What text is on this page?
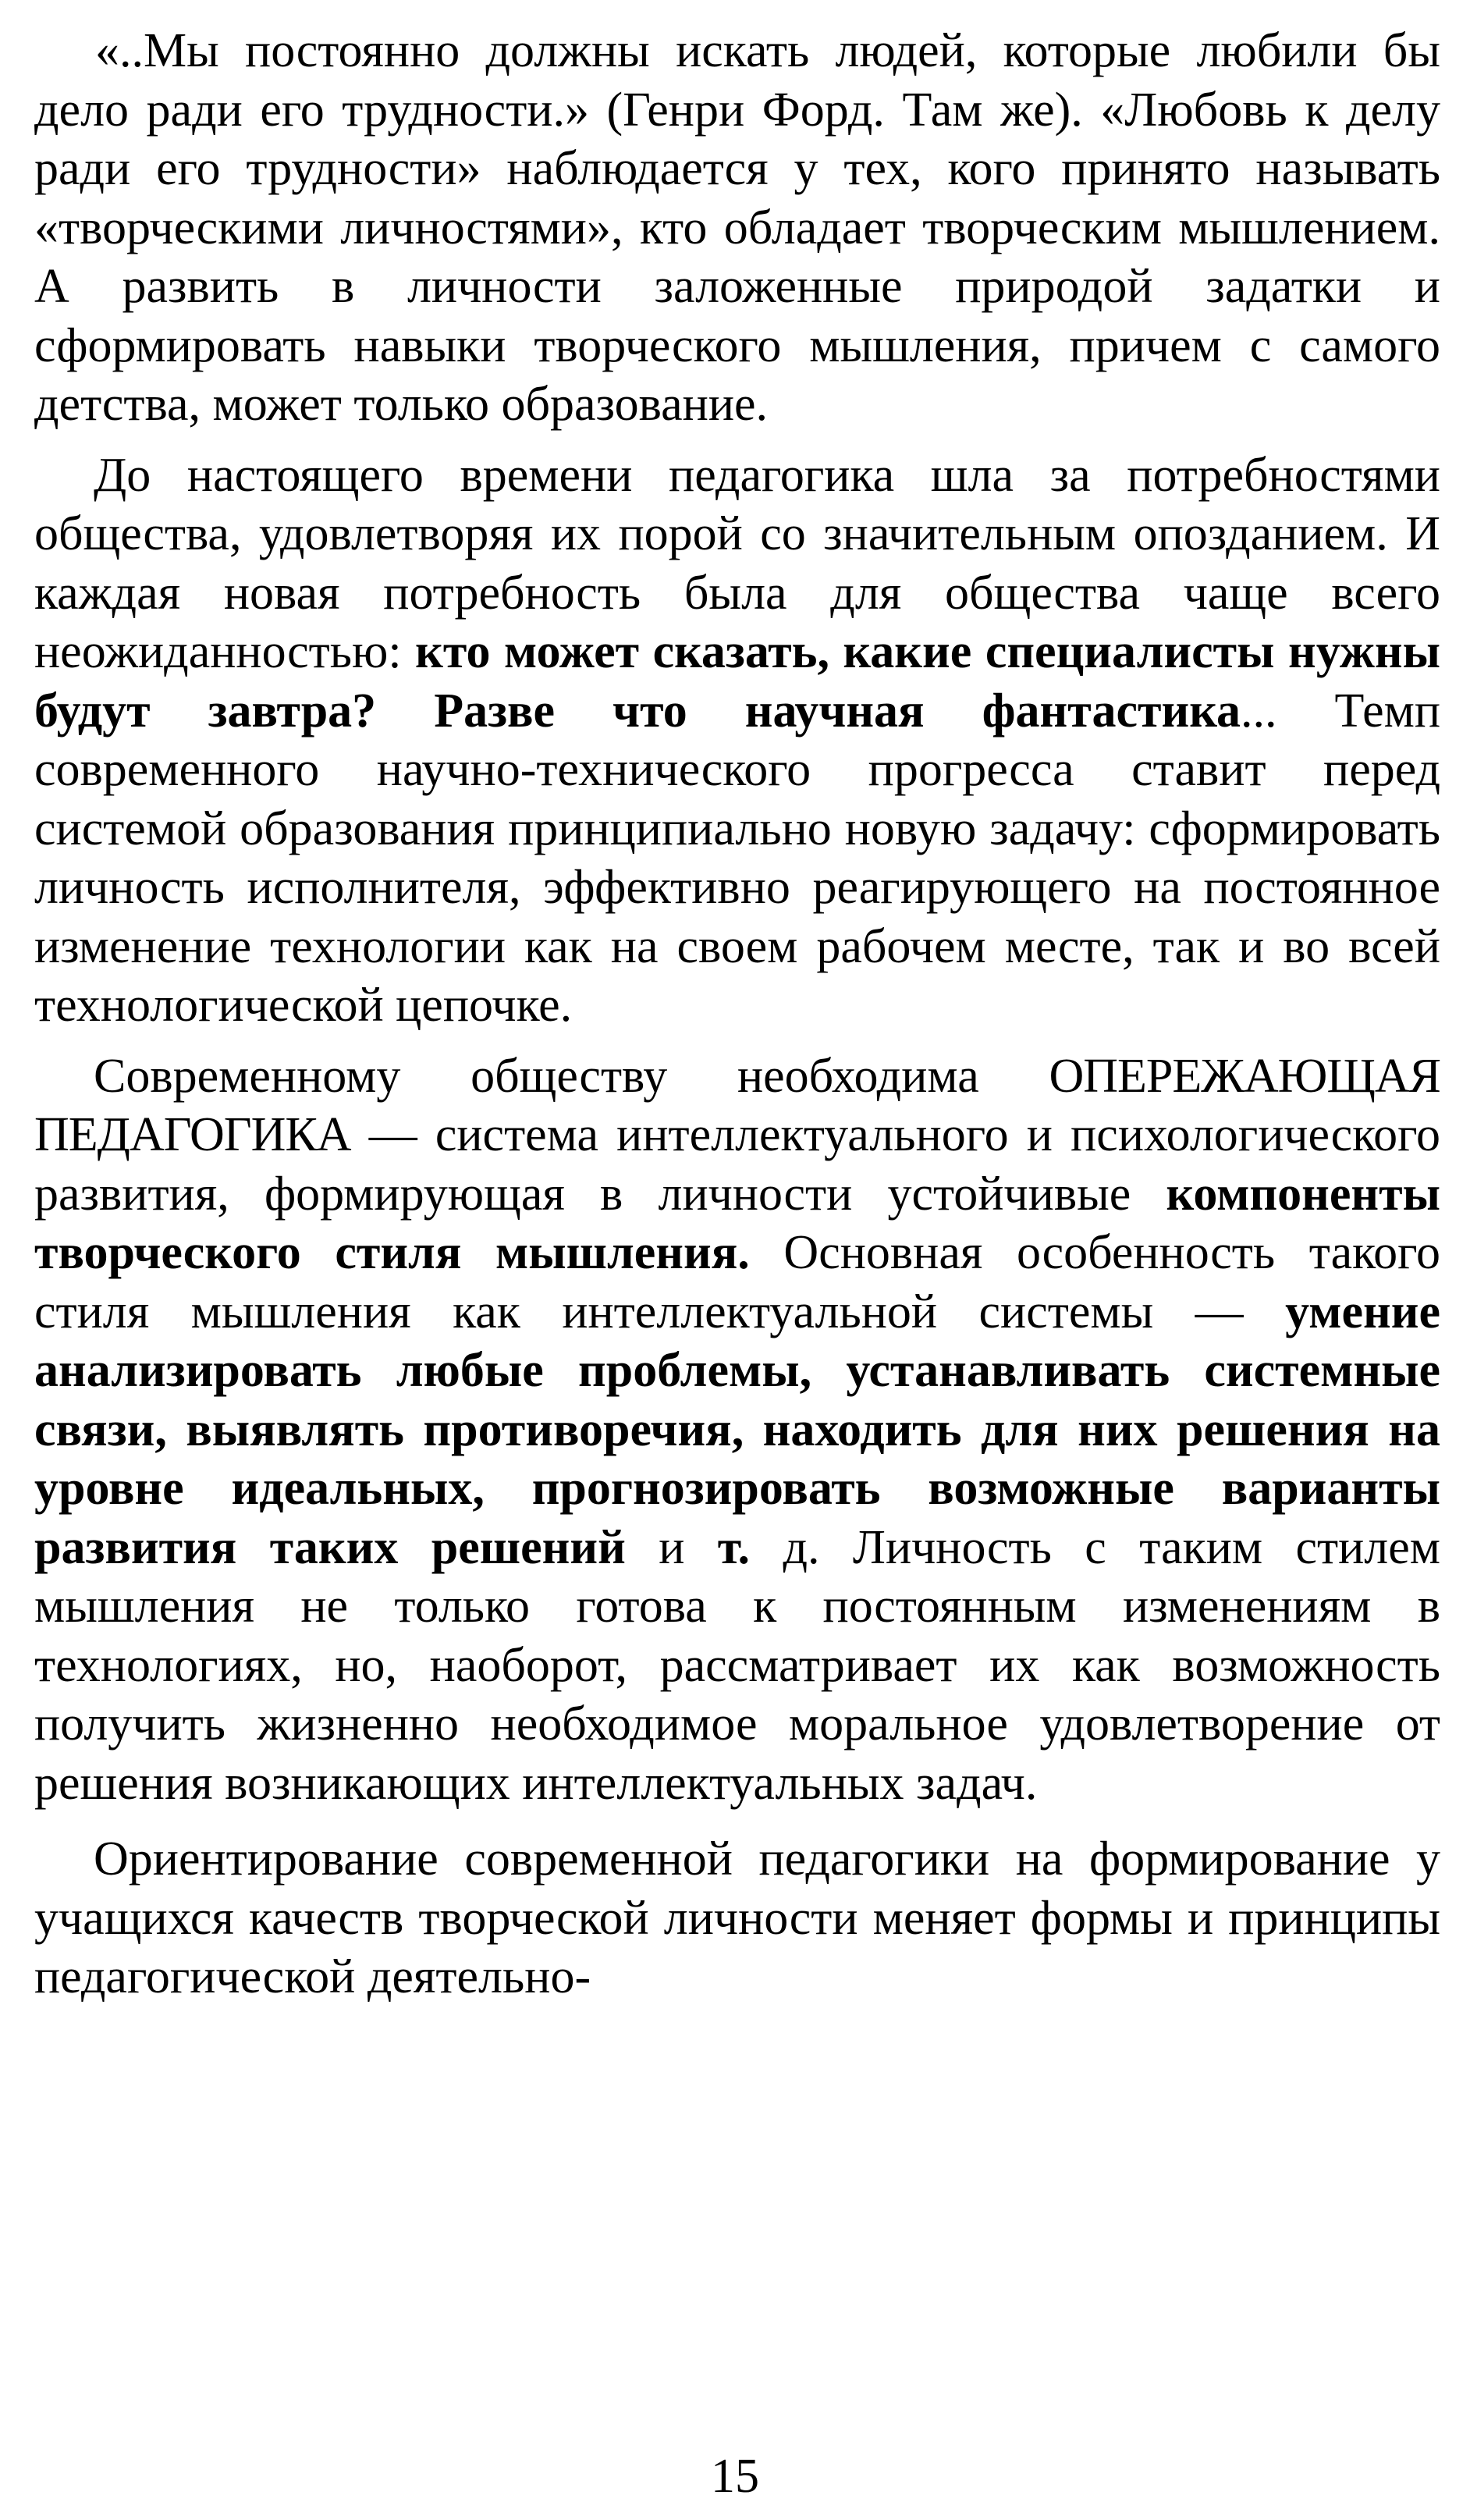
«..Мы постоянно должны искать людей, которые любили бы дело ради его трудности.» (Генри Форд. Там же). «Любовь к делу ради его трудности» наблюдается у тех, кого принято называть «творческими личностями», кто обладает творческим мышлением. А развить в личности заложенные природой задатки и сформировать навыки творческого мышления, причем с самого детства, может только образование.

До настоящего времени педагогика шла за потребностями общества, удовлетворяя их порой со значительным опозданием. И каждая новая потребность была для общества чаще всего неожиданностью: кто может сказать, какие специалисты нужны будут завтра? Разве что научная фантастика... Темп современного научно-технического прогресса ставит перед системой образования принципиально новую задачу: сформировать личность исполнителя, эффективно реагирующего на постоянное изменение технологии как на своем рабочем месте, так и во всей технологической цепочке.

Современному обществу необходима ОПЕРЕЖАЮЩАЯ ПЕДАГОГИКА — система интеллектуального и психологического развития, формирующая в личности устойчивые компоненты творческого стиля мышления. Основная особенность такого стиля мышления как интеллектуальной системы — умение анализировать любые проблемы, устанавливать системные связи, выявлять противоречия, находить для них решения на уровне идеальных, прогнозировать возможные варианты развития таких решений и т. д. Личность с таким стилем мышления не только готова к постоянным изменениям в технологиях, но, наоборот, рассматривает их как возможность получить жизненно необходимое моральное удовлетворение от решения возникающих интеллектуальных задач.

Ориентирование современной педагогики на формирование у учащихся качеств творческой личности меняет формы и принципы педагогической деятельно-

15
